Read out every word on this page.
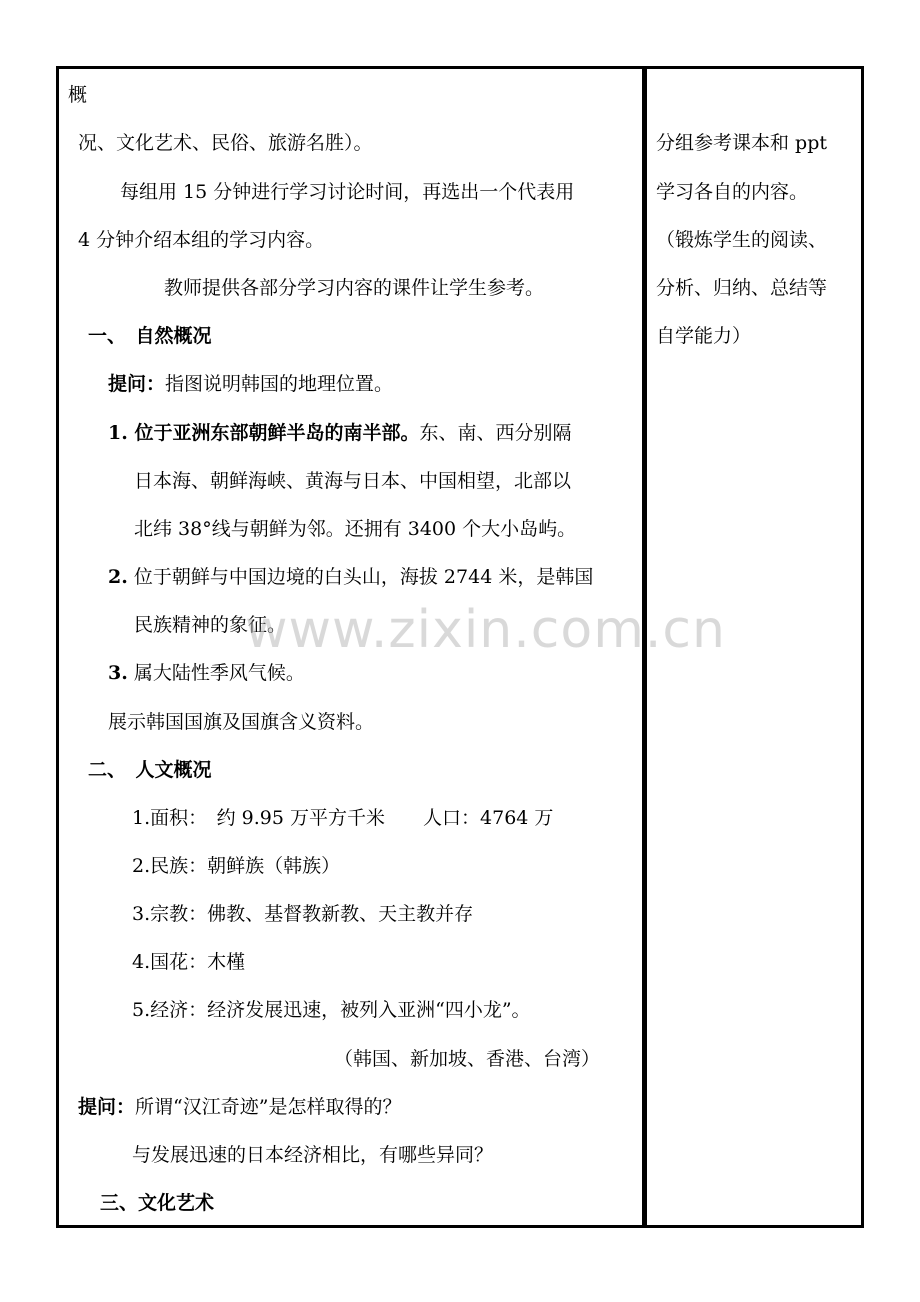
概
况、文化艺术、民俗、旅游名胜）。
每组用 15 分钟进行学习讨论时间，再选出一个代表用
4 分钟介绍本组的学习内容。
教师提供各部分学习内容的课件让学生参考。
一、　自然概况
提问：指图说明韩国的地理位置。
1. 位于亚洲东部朝鲜半岛的南半部。东、南、西分别隔
日本海、朝鲜海峡、黄海与日本、中国相望，北部以
北纬 38°线与朝鲜为邻。还拥有 3400 个大小岛屿。
2. 位于朝鲜与中国边境的白头山，海拔 2744 米，是韩国
民族精神的象征。
3. 属大陆性季风气候。
展示韩国国旗及国旗含义资料。
二、　人文概况
1.面积：　约 9.95 万平方千米　　人口：4764 万
2.民族：朝鲜族（韩族）
3.宗教：佛教、基督教新教、天主教并存
4.国花：木槿
5.经济：经济发展迅速，被列入亚洲“四小龙”。
（韩国、新加坡、香港、台湾）
提问：所谓“汉江奇迹”是怎样取得的？
与发展迅速的日本经济相比，有哪些异同？
三、文化艺术
分组参考课本和 ppt
学习各自的内容。
（锻炼学生的阅读、
分析、归纳、总结等
自学能力）
www.zixin.com.cn
